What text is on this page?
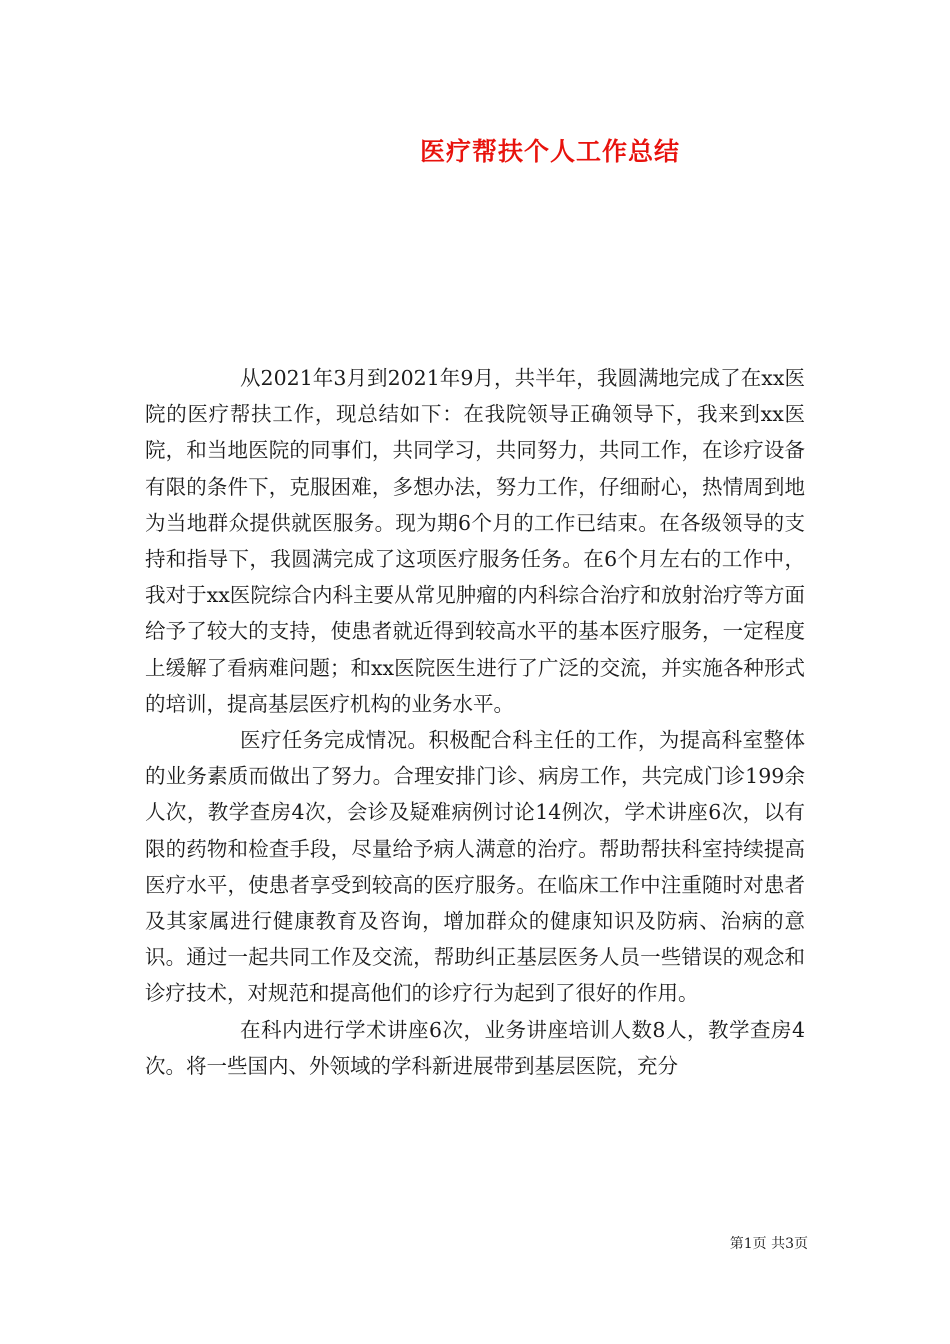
医疗帮扶个人工作总结

从2021年3月到2021年9月，共半年，我圆满地完成了在xx医院的医疗帮扶工作，现总结如下：在我院领导正确领导下，我来到xx医院，和当地医院的同事们，共同学习，共同努力，共同工作，在诊疗设备有限的条件下，克服困难，多想办法，努力工作，仔细耐心，热情周到地为当地群众提供就医服务。现为期6个月的工作已结束。在各级领导的支持和指导下，我圆满完成了这项医疗服务任务。在6个月左右的工作中，我对于xx医院综合内科主要从常见肿瘤的内科综合治疗和放射治疗等方面给予了较大的支持，使患者就近得到较高水平的基本医疗服务，一定程度上缓解了看病难问题；和xx医院医生进行了广泛的交流，并实施各种形式的培训，提高基层医疗机构的业务水平。

医疗任务完成情况。积极配合科主任的工作，为提高科室整体的业务素质而做出了努力。合理安排门诊、病房工作，共完成门诊199余人次，教学查房4次，会诊及疑难病例讨论14例次，学术讲座6次，以有限的药物和检查手段，尽量给予病人满意的治疗。帮助帮扶科室持续提高医疗水平，使患者享受到较高的医疗服务。在临床工作中注重随时对患者及其家属进行健康教育及咨询，增加群众的健康知识及防病、治病的意识。通过一起共同工作及交流，帮助纠正基层医务人员一些错误的观念和诊疗技术，对规范和提高他们的诊疗行为起到了很好的作用。

在科内进行学术讲座6次，业务讲座培训人数8人，教学查房4次。将一些国内、外领域的学科新进展带到基层医院，充分

第1页 共3页
